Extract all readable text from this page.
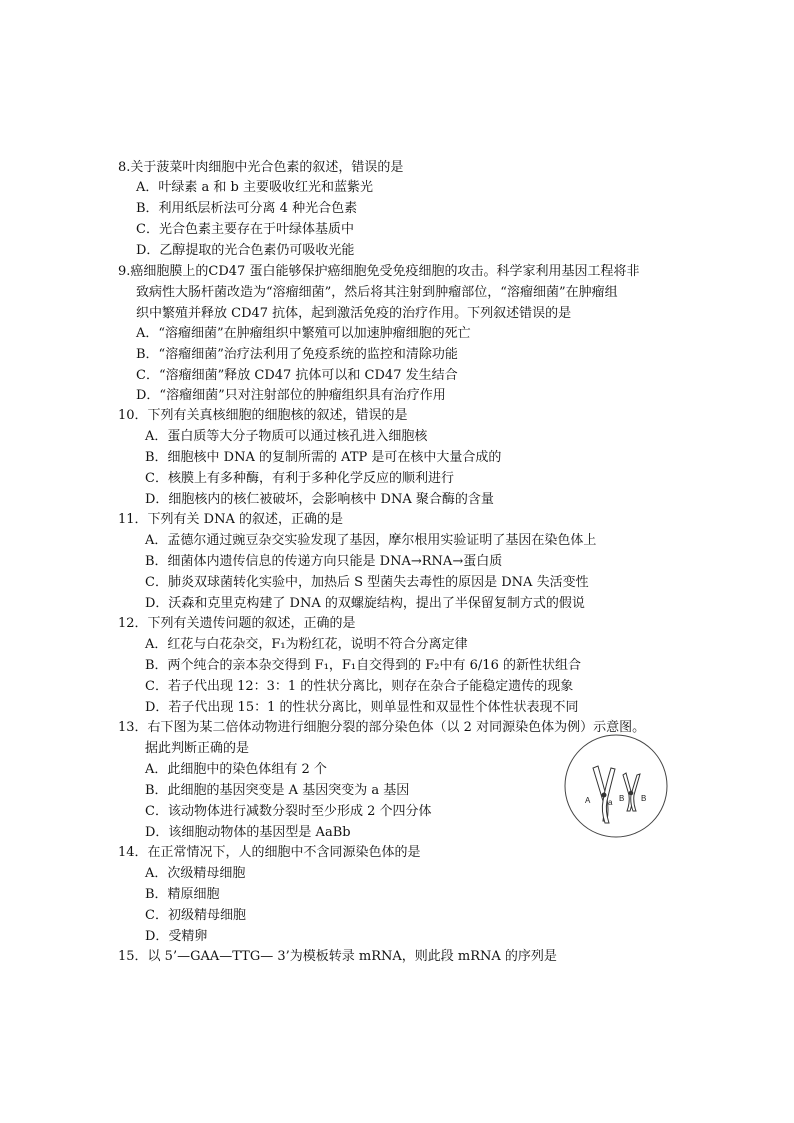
8.关于菠菜叶肉细胞中光合色素的叙述，错误的是
A．叶绿素 a 和 b 主要吸收红光和蓝紫光
B．利用纸层析法可分离 4 种光合色素
C．光合色素主要存在于叶绿体基质中
D．乙醇提取的光合色素仍可吸收光能
9.癌细胞膜上的CD47 蛋白能够保护癌细胞免受免疫细胞的攻击。科学家利用基因工程将非
致病性大肠杆菌改造为“溶瘤细菌”，然后将其注射到肿瘤部位，“溶瘤细菌”在肿瘤组
织中繁殖并释放 CD47 抗体，起到激活免疫的治疗作用。下列叙述错误的是
A．“溶瘤细菌”在肿瘤组织中繁殖可以加速肿瘤细胞的死亡
B．“溶瘤细菌”治疗法利用了免疫系统的监控和清除功能
C．“溶瘤细菌”释放 CD47 抗体可以和 CD47 发生结合
D．“溶瘤细菌”只对注射部位的肿瘤组织具有治疗作用
10．下列有关真核细胞的细胞核的叙述，错误的是
A．蛋白质等大分子物质可以通过核孔进入细胞核
B．细胞核中 DNA 的复制所需的 ATP 是可在核中大量合成的
C．核膜上有多种酶，有利于多种化学反应的顺利进行
D．细胞核内的核仁被破坏，会影响核中 DNA 聚合酶的含量
11．下列有关 DNA 的叙述，正确的是
A．孟德尔通过豌豆杂交实验发现了基因，摩尔根用实验证明了基因在染色体上
B．细菌体内遗传信息的传递方向只能是 DNA→RNA→蛋白质
C．肺炎双球菌转化实验中，加热后 S 型菌失去毒性的原因是 DNA 失活变性
D．沃森和克里克构建了 DNA 的双螺旋结构，提出了半保留复制方式的假说
12．下列有关遗传问题的叙述，正确的是
A．红花与白花杂交，F₁为粉红花，说明不符合分离定律
B．两个纯合的亲本杂交得到 F₁，F₁自交得到的 F₂中有 6/16 的新性状组合
C．若子代出现 12：3：1 的性状分离比，则存在杂合子能稳定遗传的现象
D．若子代出现 15：1 的性状分离比，则单显性和双显性个体性状表现不同
13．右下图为某二倍体动物进行细胞分裂的部分染色体（以 2 对同源染色体为例）示意图。
据此判断正确的是
A．此细胞中的染色体组有 2 个
B．此细胞的基因突变是 A 基因突变为 a 基因
C．该动物体进行减数分裂时至少形成 2 个四分体
D．该细胞动物体的基因型是 AaBb
A a B B
14．在正常情况下，人的细胞中不含同源染色体的是
A．次级精母细胞
B．精原细胞
C．初级精母细胞
D．受精卵
15．以 5’—GAA—TTG— 3’为模板转录 mRNA，则此段 mRNA 的序列是
